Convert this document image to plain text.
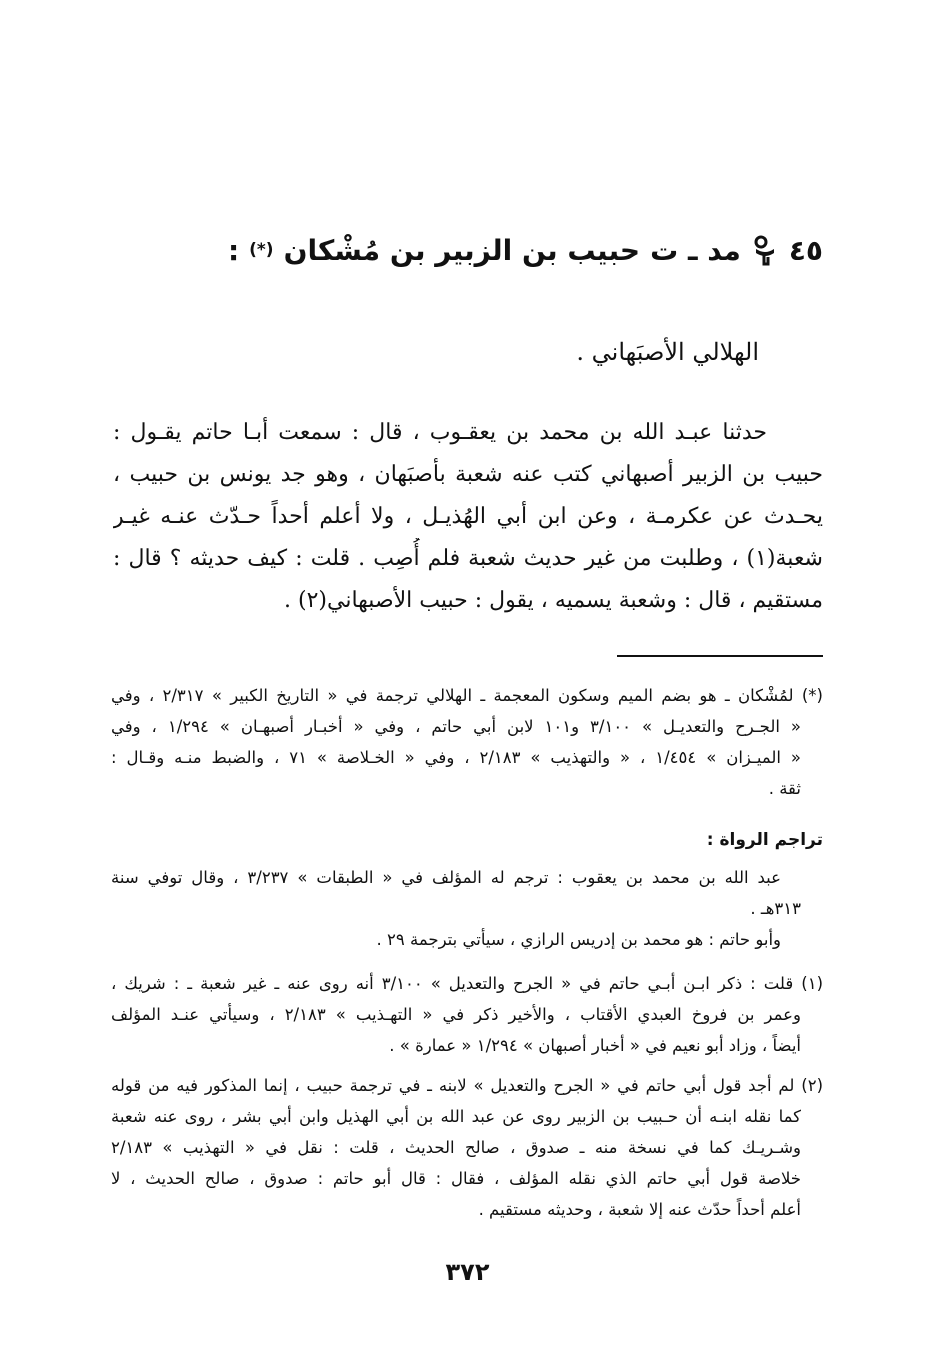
٤٥
مد ـ ت
حبيب بن الزبير بن مُشْكان
(*)
:
الهلالي الأصبَهاني .
حدثنا عبـد الله بن محمد بن يعقـوب ، قال : سمعت أبـا حاتم يقـول :
حبيب بن الزبير أصبهاني كتب عنه شعبة بأصبَهان ، وهو جد يونس بن حبيب ،
يحـدث عن عكرمـة ، وعن ابن أبي الهُذيـل ، ولا أعلم أحداً حـدّث عنـه غيـر
شعبة(١) ، وطلبت من غير حديث شعبة فلم أُصِب . قلت : كيف حديثه ؟ قال :
مستقيم ، قال : وشعبة يسميه ، يقول : حبيب الأصبهاني(٢) .
(*) لمُشْكان ـ هو بضم الميم وسكون المعجمة ـ الهلالي ترجمة في « التاريخ الكبير » ٢/٣١٧ ، وفي
« الجـرح والتعديـل » ٣/١٠٠ و١٠١ لابن أبي حاتم ، وفي « أخبـار أصبهـان » ١/٢٩٤ ، وفي
« الميـزان » ١/٤٥٤ ، « والتهذيب » ٢/١٨٣ ، وفي « الخـلاصة » ٧١ ، والضبط منـه وقـال :
ثقة .
تراجم الرواة :
عبد الله بن محمد بن يعقوب : ترجم له المؤلف في « الطبقات » ٣/٢٣٧ ، وقال توفي سنة
٣١٣هـ .
وأبو حاتم : هو محمد بن إدريس الرازي ، سيأتي بترجمة ٢٩ .
(١) قلت : ذكر ابـن أبـي حاتم في « الجرح والتعديل » ٣/١٠٠ أنه روى عنه ـ غير شعبة ـ : شريك ،
وعمر بن فروخ العبدي الأقتاب ، والأخير ذكر في « التهـذيب » ٢/١٨٣ ، وسيأتي عنـد المؤلف
أيضاً ، وزاد أبو نعيم في « أخبار أصبهان » ١/٢٩٤ « عمارة » .
(٢) لم أجد قول أبي حاتم في « الجرح والتعديل » لابنه ـ في ترجمة حبيب ، إنما المذكور فيه من قوله
كما نقله ابنـه أن حـبيب بن الزبير روى عن عبد الله بن أبي الهذيل وابن أبي بشر ، روى عنه شعبة
وشـريـك كما في نسخة منه ـ صدوق ، صالح الحديث ، قلت : نقل في « التهذيب » ٢/١٨٣
خلاصة قول أبي حاتم الذي نقله المؤلف ، فقال : قال أبو حاتم : صدوق ، صالح الحديث ، لا
أعلم أحداً حدّث عنه إلا شعبة ، وحديثه مستقيم .
٣٧٢
